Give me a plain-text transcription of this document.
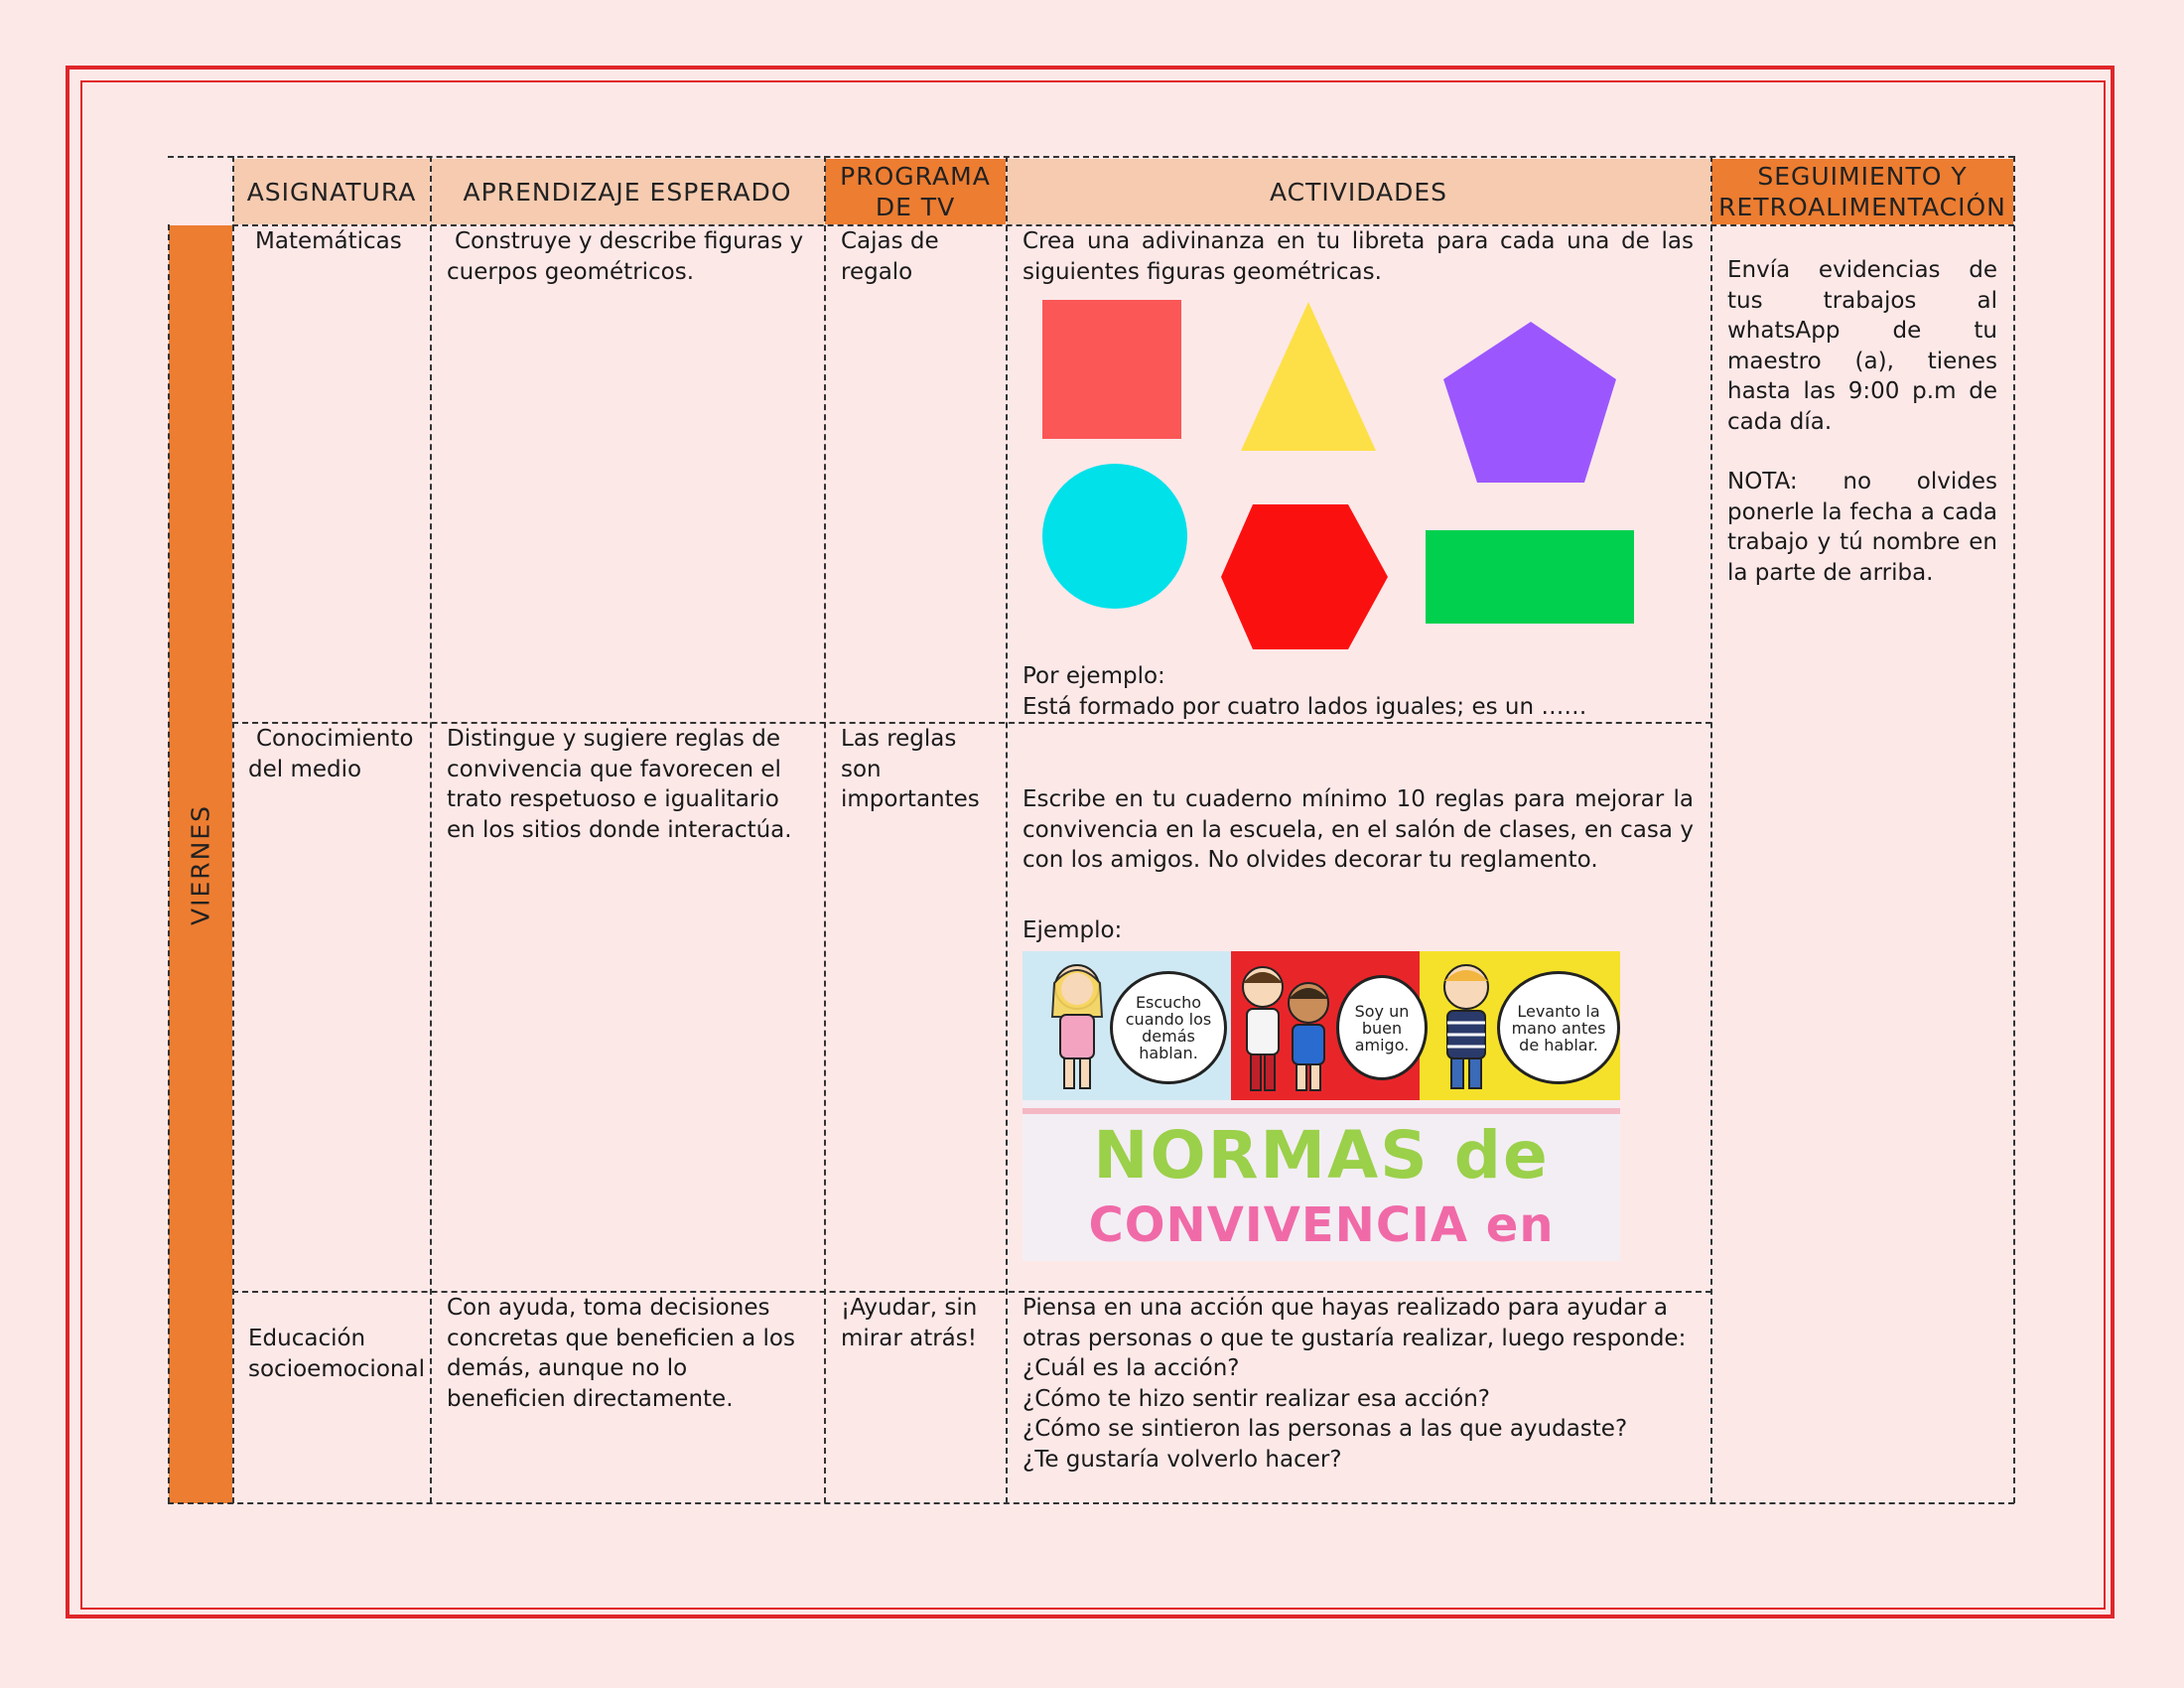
ASIGNATURA APRENDIZAJE ESPERADO
PROGRAMA DE TV
ACTIVIDADES
SEGUIMIENTO Y RETROALIMENTACIÓN
VIERNES
Matemáticas	Construye y describe figuras y cuerpos geométricos.
Cajas de regalo
Crea una adivinanza en tu libreta para cada una de las siguientes figuras geométricas.
Por ejemplo:
Está formado por cuatro lados iguales; es un ……
Envía evidencias de tus trabajos al whatsApp de tu maestro (a), tienes hasta las 9:00 p.m de cada día.
NOTA: no olvides ponerle la fecha a cada trabajo y tú nombre en la parte de arriba.
Conocimiento del medio
Distingue y sugiere reglas de convivencia que favorecen el trato respetuoso e igualitario en los sitios donde interactúa.
Las reglas son importantes	Escribe en tu cuaderno mínimo 10 reglas para mejorar la convivencia en la escuela, en el salón de clases, en casa y con los amigos. No olvides decorar tu reglamento.
Ejemplo:
Escucho cuando los demás hablan.
Soy un buen amigo.
Levanto la mano antes de hablar.
NORMAS de
CONVIVENCIA en
Educación socioemocional
Con ayuda, toma decisiones concretas que beneficien a los demás, aunque no lo beneficien directamente.
¡Ayudar, sin mirar atrás!
Piensa en una acción que hayas realizado para ayudar a otras personas o que te gustaría realizar, luego responde:
¿Cuál es la acción?
¿Cómo te hizo sentir realizar esa acción?
¿Cómo se sintieron las personas a las que ayudaste?
¿Te gustaría volverlo hacer?
